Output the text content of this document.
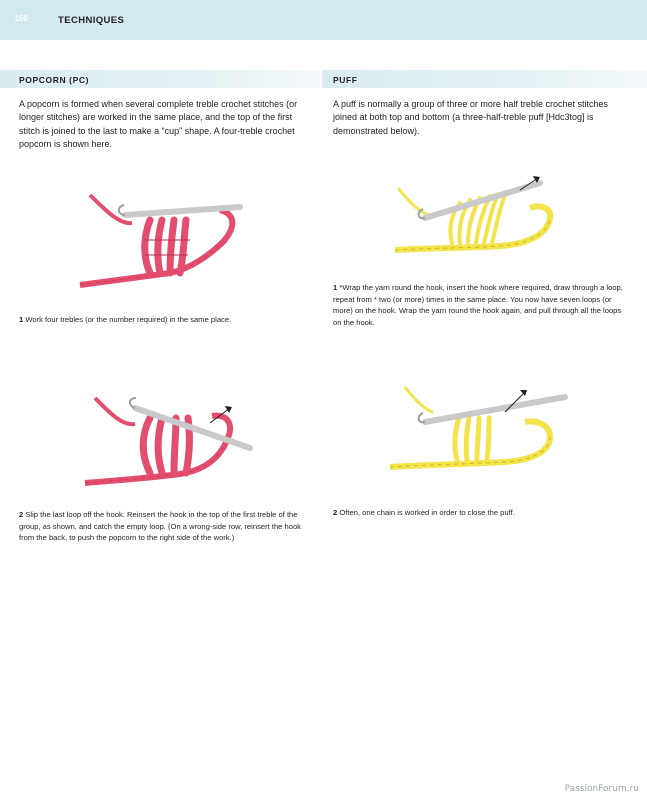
150	TECHNIQUES
POPCORN (PC)

A popcorn is formed when several complete treble crochet stitches (or longer stitches) are worked in the same place, and the top of the first stitch is joined to the last to make a “cup” shape. A four-treble crochet popcorn is shown here.

1 Work four trebles (or the number required) in the same place.

2 Slip the last loop off the hook. Reinsert the hook in the top of the first treble of the group, as shown, and catch the empty loop. (On a wrong-side row, reinsert the hook from the back, to push the popcorn to the right side of the work.)

PUFF

A puff is normally a group of three or more half treble crochet stitches joined at both top and bottom (a three-half-treble puff [Hdc3tog] is demonstrated below).

1 *Wrap the yarn round the hook, insert the hook where required, draw through a loop, repeat from * two (or more) times in the same place. You now have seven loops (or more) on the hook. Wrap the yarn round the hook again, and pull through all the loops on the hook.

2 Often, one chain is worked in order to close the puff.

PassionForum.ru
